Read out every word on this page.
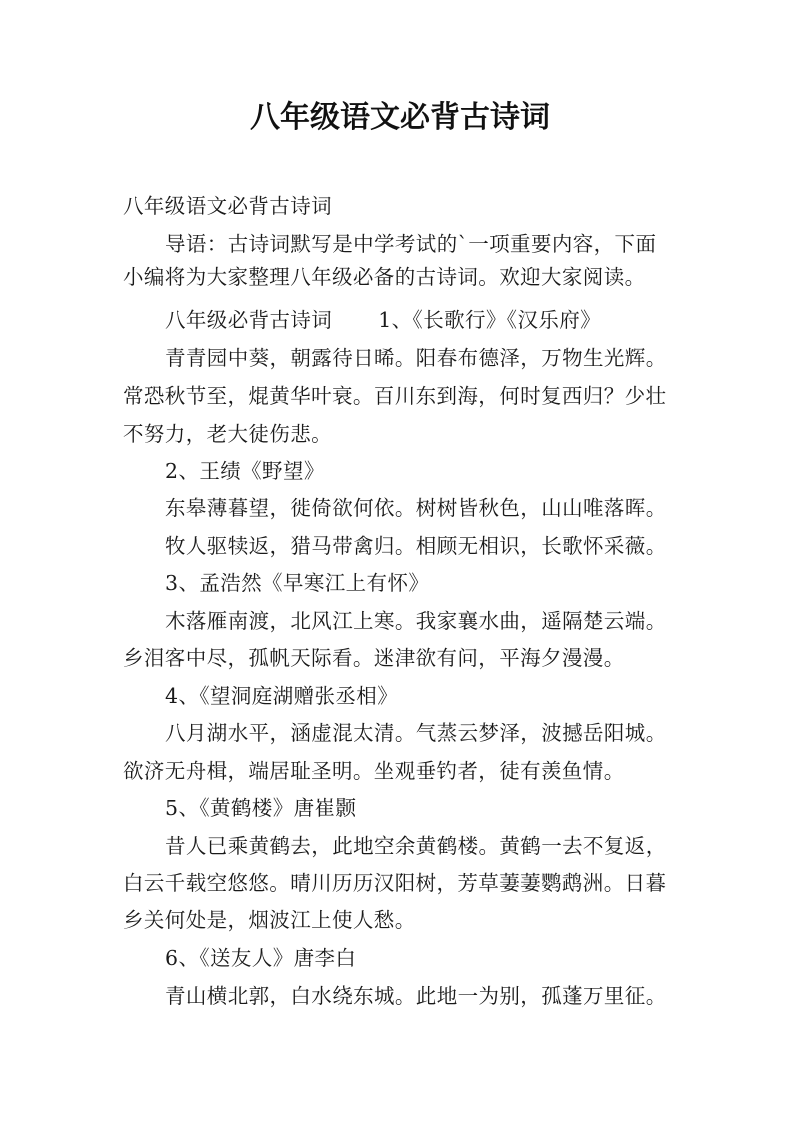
八年级语文必背古诗词
八年级语文必背古诗词
导语：古诗词默写是中学考试的`一项重要内容，下面
小编将为大家整理八年级必备的古诗词。欢迎大家阅读。
八年级必背古诗词 1、《长歌行》《汉乐府》
青青园中葵，朝露待日晞。阳春布德泽，万物生光辉。
常恐秋节至，焜黄华叶衰。百川东到海，何时复西归？少壮
不努力，老大徒伤悲。
2、王绩《野望》
东皋薄暮望，徙倚欲何依。树树皆秋色，山山唯落晖。
牧人驱犊返，猎马带禽归。相顾无相识，长歌怀采薇。
3、孟浩然《早寒江上有怀》
木落雁南渡，北风江上寒。我家襄水曲，遥隔楚云端。
乡泪客中尽，孤帆天际看。迷津欲有问，平海夕漫漫。
4、《望洞庭湖赠张丞相》
八月湖水平，涵虚混太清。气蒸云梦泽，波撼岳阳城。
欲济无舟楫，端居耻圣明。坐观垂钓者，徒有羡鱼情。
5、《黄鹤楼》唐崔颢
昔人已乘黄鹤去，此地空余黄鹤楼。黄鹤一去不复返，
白云千载空悠悠。晴川历历汉阳树，芳草萋萋鹦鹉洲。日暮
乡关何处是，烟波江上使人愁。
6、《送友人》唐李白
青山横北郭，白水绕东城。此地一为别，孤蓬万里征。
